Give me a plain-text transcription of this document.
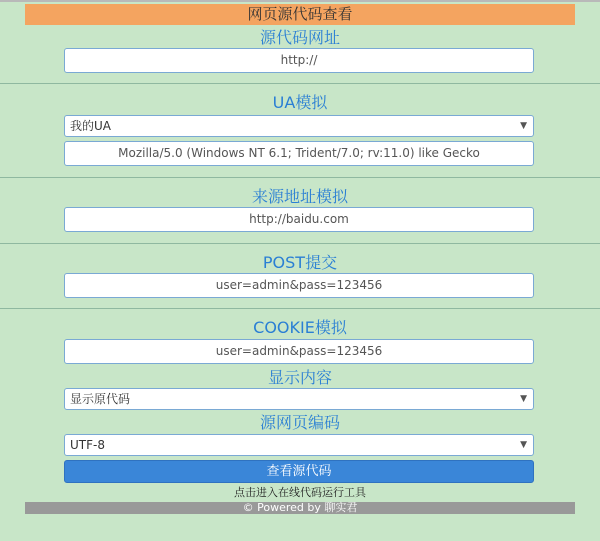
网页源代码查看
源代码网址
http://
UA模拟
我的UA	▼
Mozilla/5.0 (Windows NT 6.1; Trident/7.0; rv:11.0) like Gecko
来源地址模拟
http://baidu.com
POST提交
user=admin&pass=123456
COOKIE模拟
user=admin&pass=123456
显示内容
显示原代码	▼
源网页编码
UTF-8	▼
查看源代码
点击进入在线代码运行工具
© Powered by 聊实君
